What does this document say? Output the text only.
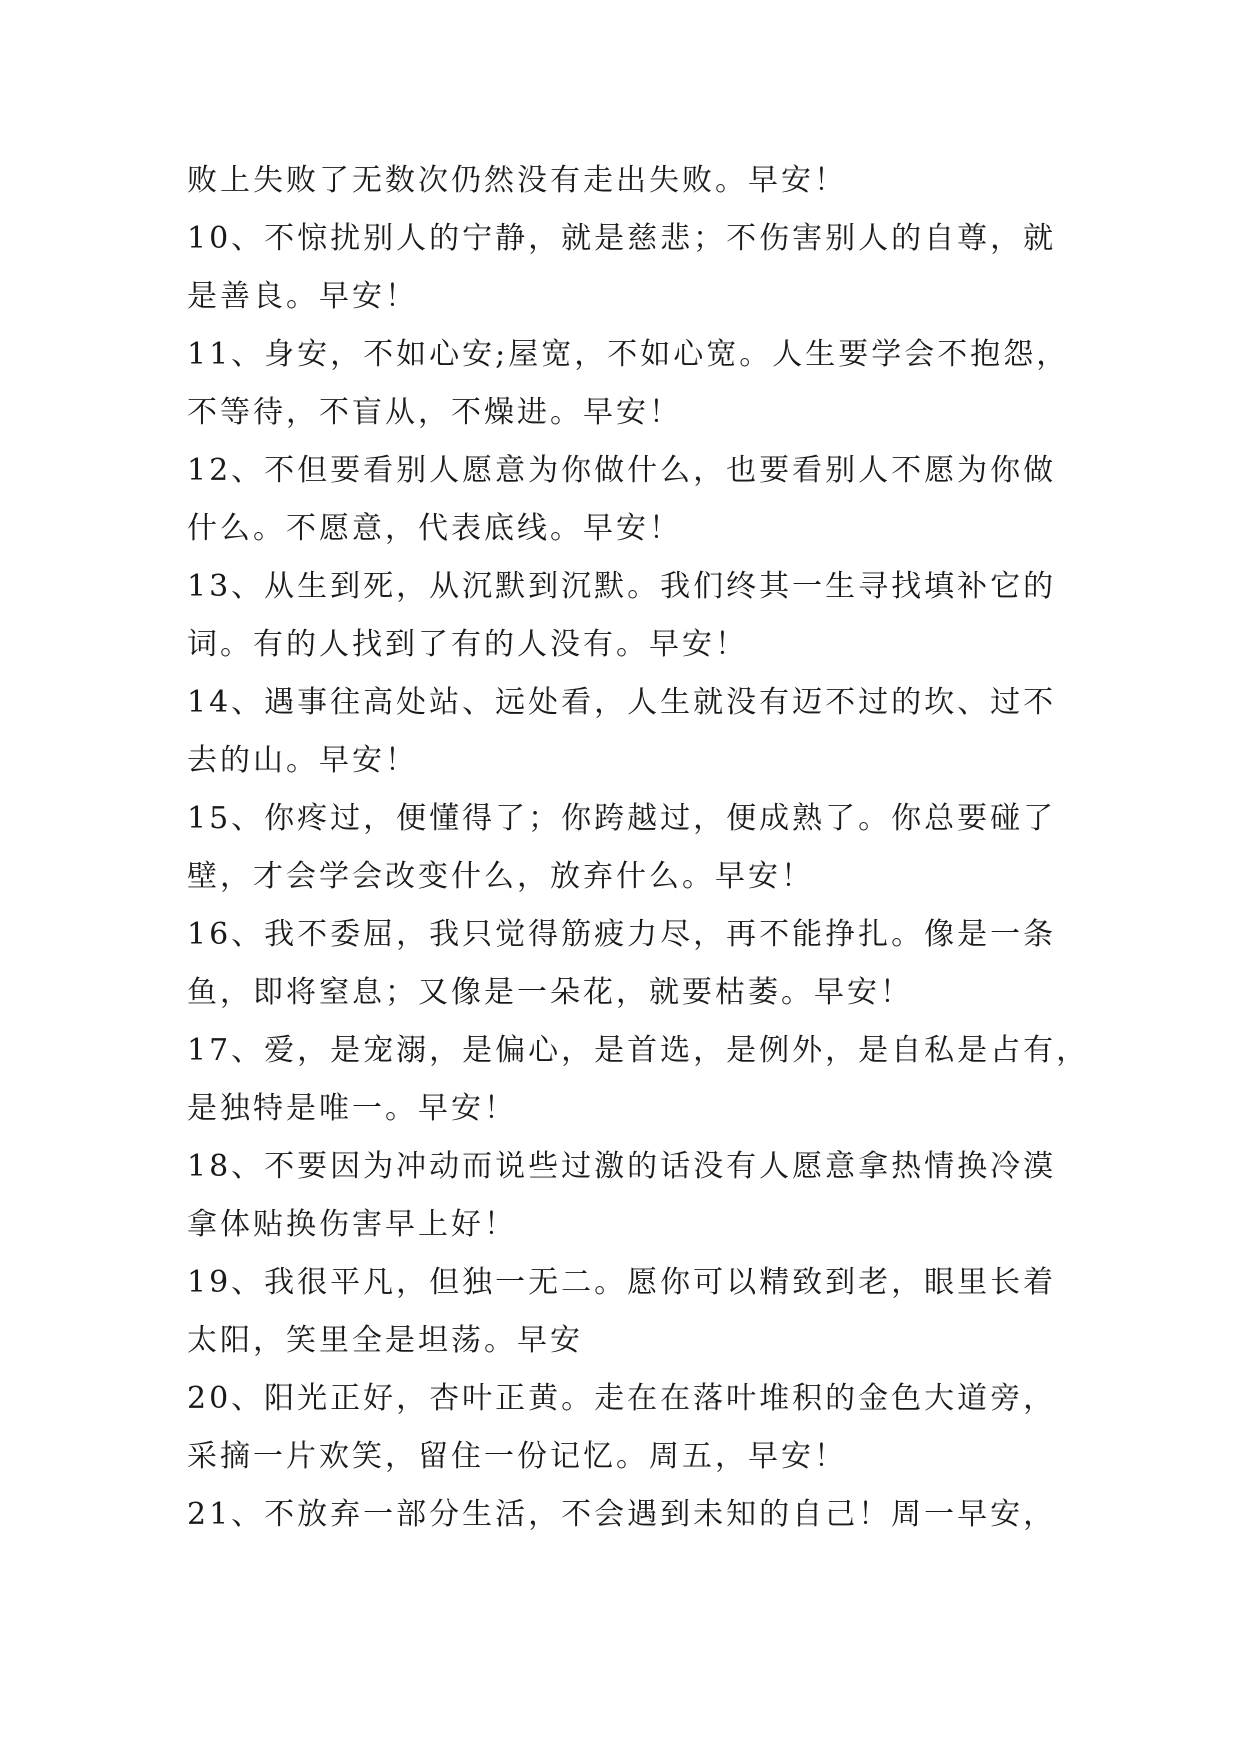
败上失败了无数次仍然没有走出失败。早安！
10、不惊扰别人的宁静，就是慈悲；不伤害别人的自尊，就
是善良。早安！
11、身安，不如心安;屋宽，不如心宽。人生要学会不抱怨，
不等待，不盲从，不燥进。早安！
12、不但要看别人愿意为你做什么，也要看别人不愿为你做
什么。不愿意，代表底线。早安！
13、从生到死，从沉默到沉默。我们终其一生寻找填补它的
词。有的人找到了有的人没有。早安！
14、遇事往高处站、远处看，人生就没有迈不过的坎、过不
去的山。早安！
15、你疼过，便懂得了；你跨越过，便成熟了。你总要碰了
壁，才会学会改变什么，放弃什么。早安！
16、我不委屈，我只觉得筋疲力尽，再不能挣扎。像是一条
鱼，即将窒息；又像是一朵花，就要枯萎。早安！
17、爱，是宠溺，是偏心，是首选，是例外，是自私是占有，
是独特是唯一。早安！
18、不要因为冲动而说些过激的话没有人愿意拿热情换冷漠
拿体贴换伤害早上好！
19、我很平凡，但独一无二。愿你可以精致到老，眼里长着
太阳，笑里全是坦荡。早安
20、阳光正好，杏叶正黄。走在在落叶堆积的金色大道旁，
采摘一片欢笑，留住一份记忆。周五，早安！
21、不放弃一部分生活，不会遇到未知的自己！周一早安，
